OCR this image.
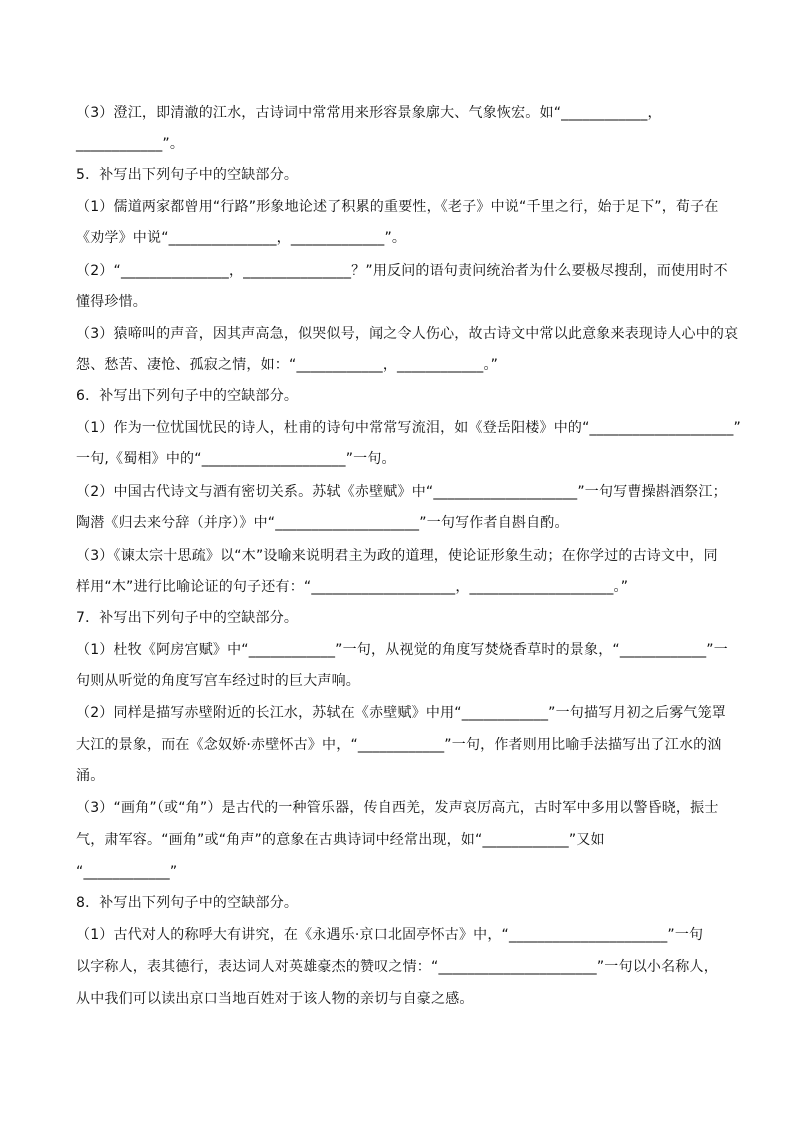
（3）澄江，即清澈的江水，古诗词中常常用来形容景象廓大、气象恢宏。如“____________，
____________”。
5．补写出下列句子中的空缺部分。
（1）儒道两家都曾用“行路”形象地论述了积累的重要性，《老子》中说“千里之行，始于足下”，荀子在
《劝学》中说“_______________，_____________”。
（2）“_______________，_______________？”用反问的语句责问统治者为什么要极尽搜刮，而使用时不
懂得珍惜。
（3）猿啼叫的声音，因其声高急，似哭似号，闻之令人伤心，故古诗文中常以此意象来表现诗人心中的哀
怨、愁苦、凄怆、孤寂之情，如：“____________，____________。”
6．补写出下列句子中的空缺部分。
（1）作为一位忧国忧民的诗人，杜甫的诗句中常常写流泪，如《登岳阳楼》中的“____________________”
一句,《蜀相》中的“____________________”一句。
（2）中国古代诗文与酒有密切关系。苏轼《赤壁赋》中“____________________”一句写曹操斟酒祭江；
陶潜《归去来兮辞（并序）》中“____________________”一句写作者自斟自酌。
（3）《谏太宗十思疏》以“木”设喻来说明君主为政的道理，使论证形象生动；在你学过的古诗文中，同
样用“木”进行比喻论证的句子还有：“____________________，____________________。”
7．补写出下列句子中的空缺部分。
（1）杜牧《阿房宫赋》中“____________”一句，从视觉的角度写焚烧香草时的景象，“____________”一
句则从听觉的角度写宫车经过时的巨大声响。
（2）同样是描写赤壁附近的长江水，苏轼在《赤壁赋》中用“____________”一句描写月初之后雾气笼罩
大江的景象，而在《念奴娇·赤壁怀古》中，“____________”一句，作者则用比喻手法描写出了江水的汹
涌。
（3）“画角”（或“角”）是古代的一种管乐器，传自西羌，发声哀厉高亢，古时军中多用以警昏晓，振士
气，肃军容。“画角”或“角声”的意象在古典诗词中经常出现，如“____________”又如
“____________”
8．补写出下列句子中的空缺部分。
（1）古代对人的称呼大有讲究，在《永遇乐·京口北固亭怀古》中，“______________________”一句
以字称人，表其德行，表达词人对英雄豪杰的赞叹之情：“______________________”一句以小名称人，
从中我们可以读出京口当地百姓对于该人物的亲切与自豪之感。
